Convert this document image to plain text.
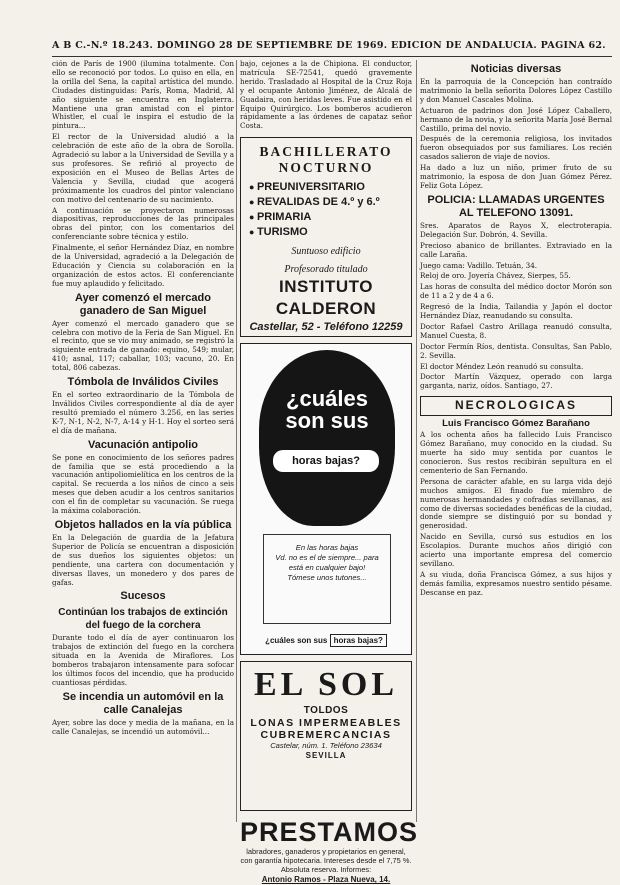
A B C.-N.º 18.243. DOMINGO 28 DE SEPTIEMBRE DE 1969. EDICION DE ANDALUCIA. PAGINA 62.

ción de París de 1900 (ilumina totalmente. Con ello se reconoció por todos. Lo quiso en ella, en la orilla del Sena, la capital artística del mundo. Ciudades distinguidas: París, Roma, Madrid, Al año siguiente se encuentra en Inglaterra. Mantiene una gran amistad con el pintor Whistler, el cual le inspira el estudio de la pintura...

El rector de la Universidad aludió a la celebración de este año de la obra de Sorolla. Agradeció su labor a la Universidad de Sevilla y a sus profesores. Se refirió al proyecto de exposición en el Museo de Bellas Artes de Valencia y Sevilla, ciudad que acogerá próximamente los cuadros del pintor valenciano con motivo del centenario de su nacimiento.

A continuación se proyectaron numerosas diapositivas, reproducciones de las principales obras del pintor, con los comentarios del conferenciante sobre técnica y estilo.

Finalmente, el señor Hernández Díaz, en nombre de la Universidad, agradeció a la Delegación de Educación y Ciencia su colaboración en la organización de estos actos. El conferenciante fue muy aplaudido y felicitado.

Ayer comenzó el mercado ganadero de San Miguel

Ayer comenzó el mercado ganadero que se celebra con motivo de la Feria de San Miguel. En el recinto, que se vio muy animado, se registró la siguiente entrada de ganado: equino, 549; mular, 410; asnal, 117; caballar, 103; vacuno, 20. En total, 806 cabezas.

Tómbola de Inválidos Civiles

En el sorteo extraordinario de la Tómbola de Inválidos Civiles correspondiente al día de ayer resultó premiado el número 3.256, en las series K-7, N-1, N-2, N-7, A-14 y H-1. Hoy el sorteo será el día de mañana.

Vacunación antipolio

Se pone en conocimiento de los señores padres de familia que se está procediendo a la vacunación antipoliomielítica en los centros de la capital. Se recuerda a los niños de cinco a seis meses que deben acudir a los centros sanitarios con el fin de completar su vacunación. Se ruega la máxima colaboración.

Objetos hallados en la vía pública

En la Delegación de guardia de la Jefatura Superior de Policía se encuentran a disposición de sus dueños los siguientes objetos: un pendiente, una cartera con documentación y diversas llaves, un monedero y dos pares de gafas.

Sucesos
Continúan los trabajos de extinción del fuego de la corchera

Durante todo el día de ayer continuaron los trabajos de extinción del fuego en la corchera situada en la Avenida de Miraflores. Los bomberos trabajaron intensamente para sofocar los últimos focos del incendio, que ha producido cuantiosas pérdidas.

Se incendia un automóvil en la calle Canalejas

Ayer, sobre las doce y media de la mañana, en la calle Canalejas, se incendió un automóvil...

bajo, cejones a la de Chipiona. El conductor, matrícula SE-72541, quedó gravemente herido. Trasladado al Hospital de la Cruz Roja y el ocupante Antonio Jiménez, de Alcalá de Guadaira, con heridas leves. Fue asistido en el Equipo Quirúrgico. Los bomberos acudieron rápidamente a las órdenes de capataz señor Costa.

BACHILLERATO
NOCTURNO
● PREUNIVERSITARIO
● REVALIDAS DE 4.º y 6.º
● PRIMARIA
● TURISMO
Suntuoso edificio
Profesorado titulado
INSTITUTO CALDERON
Castellar, 52 - Teléfono 12259
¿cuáles
son sus
horas bajas?
En las horas bajas
Vd. no es el de siempre... para
está en cualquier bajo!
Tómese unos tutones...
¿cuáles son sus horas bajas?
EL SOL
TOLDOS
LONAS IMPERMEABLES
CUBREMERCANCIAS
Castelar, núm. 1. Teléfono 23634
SEVILLA
PRESTAMOS
labradores, ganaderos y propietarios en general, con garantía hipotecaria. Intereses desde el 7,75 %. Absoluta reserva. Informes:
Antonio Ramos - Plaza Nueva, 14.
Noticias diversas

En la parroquia de la Concepción han contraído matrimonio la bella señorita Dolores López Castillo y don Manuel Cascales Molina.

Actuaron de padrinos don José López Caballero, hermano de la novia, y la señorita María José Bernal Castillo, prima del novio.

Después de la ceremonia religiosa, los invitados fueron obsequiados por sus familiares. Los recién casados salieron de viaje de novios.

Ha dado a luz un niño, primer fruto de su matrimonio, la esposa de don Juan Gómez Pérez. Feliz Gota López.

POLICIA: LLAMADAS URGENTES AL TELEFONO 13091.

Sres. Aparatos de Rayos X, electroterapia. Delegación Sur. Dobrón, 4. Sevilla.

Precioso abanico de brillantes. Extraviado en la calle Laraña.

Juego cama: Vadillo. Tetuán, 34.

Reloj de oro. Joyería Chávez, Sierpes, 55.

Las horas de consulta del médico doctor Morón son de 11 a 2 y de 4 a 6.

Regresó de la India, Tailandia y Japón el doctor Hernández Díaz, reanudando su consulta.

Doctor Rafael Castro Arillaga reanudó consulta, Manuel Cuesta, 8.

Doctor Fermín Ríos, dentista. Consultas, San Pablo, 2. Sevilla.

El doctor Méndez León reanudó su consulta.

Doctor Martín Vázquez, operado con larga garganta, nariz, oídos. Santiago, 27.

NECROLOGICAS
Luis Francisco Gómez Barañano

A los ochenta años ha fallecido Luis Francisco Gómez Barañano, muy conocido en la ciudad. Su muerte ha sido muy sentida por cuantos le conocieron. Sus restos recibirán sepultura en el cementerio de San Fernando.

Persona de carácter afable, en su larga vida dejó muchos amigos. El finado fue miembro de numerosas hermandades y cofradías sevillanas, así como de diversas sociedades benéficas de la ciudad, donde siempre se distinguió por su bondad y generosidad.

Nacido en Sevilla, cursó sus estudios en los Escolapios. Durante muchos años dirigió con acierto una importante empresa del comercio sevillano.

A su viuda, doña Francisca Gómez, a sus hijos y demás familia, expresamos nuestro sentido pésame. Descanse en paz.
